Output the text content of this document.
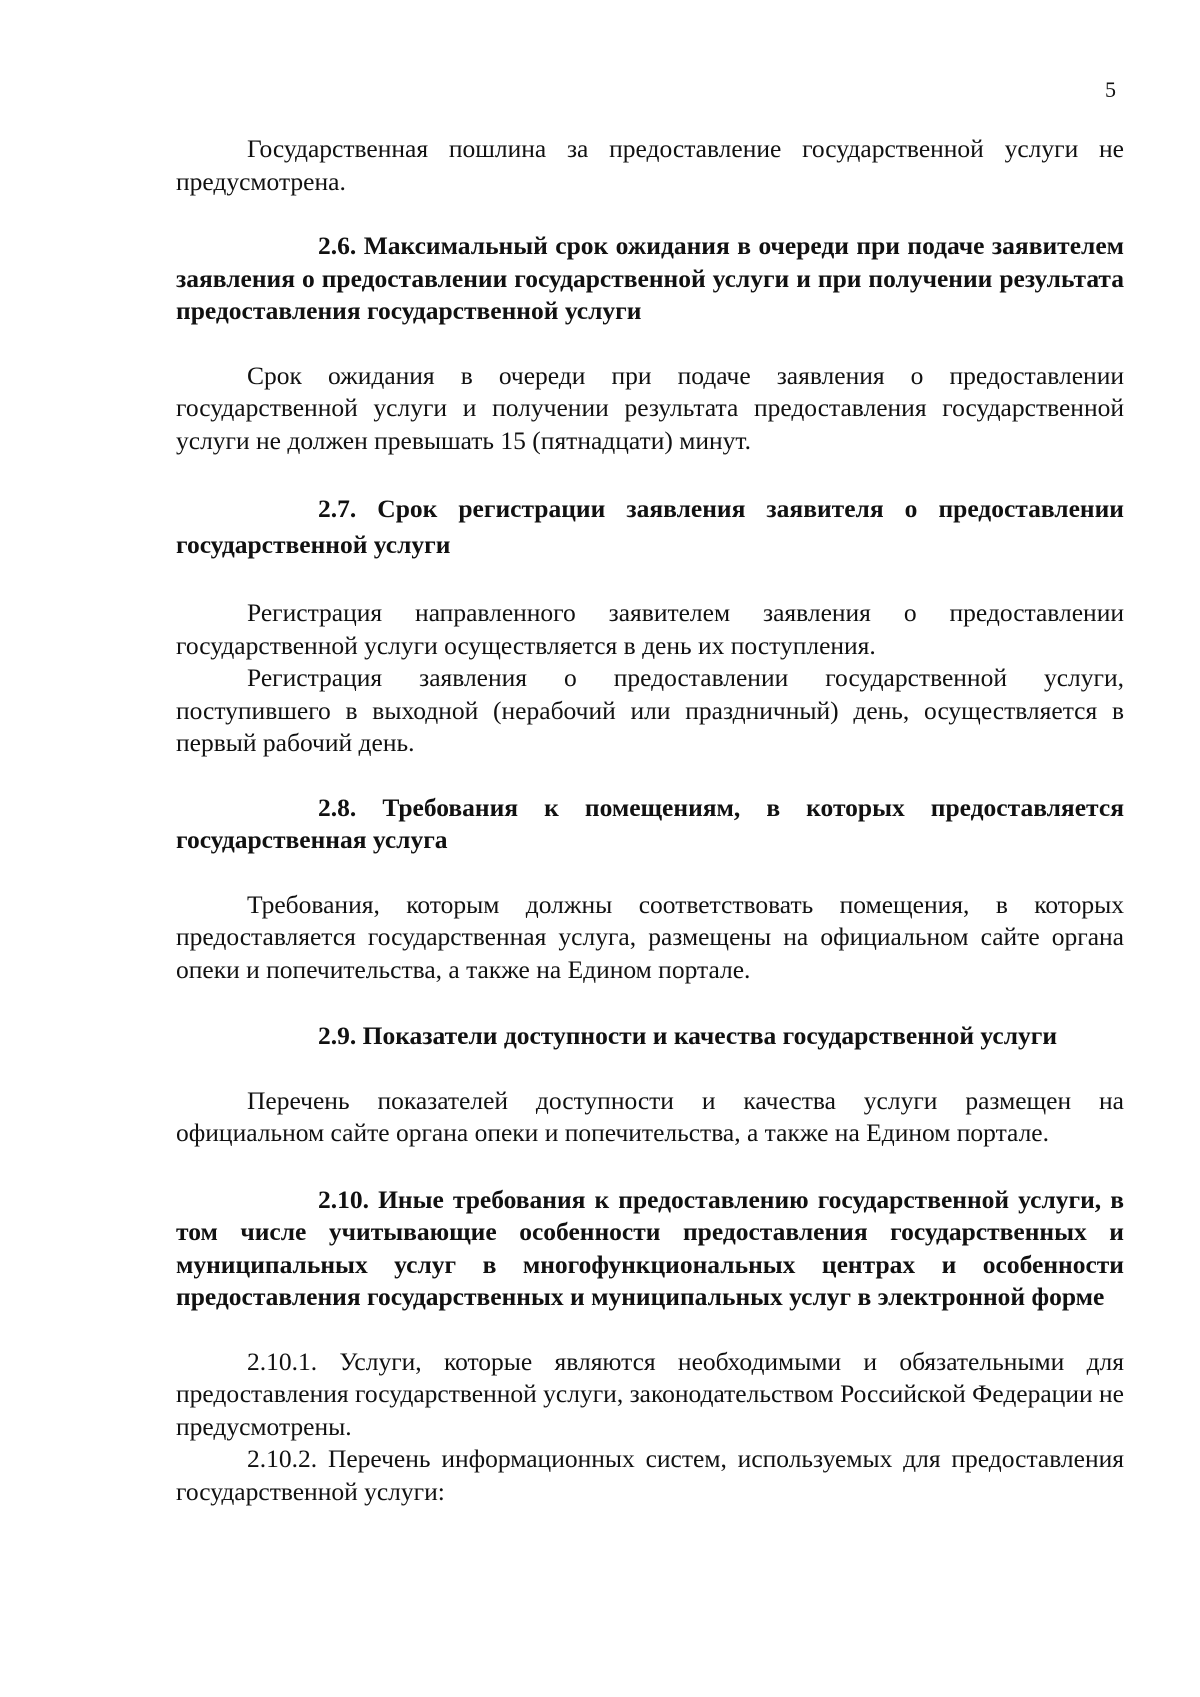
5

Государственная пошлина за предоставление государственной услуги не предусмотрена.

2.6. Максимальный срок ожидания в очереди при подаче заявителем заявления о предоставлении государственной услуги и при получении результата предоставления государственной услуги

Срок ожидания в очереди при подаче заявления о предоставлении государственной услуги и получении результата предоставления государственной услуги не должен превышать 15 (пятнадцати) минут.

2.7. Срок регистрации заявления заявителя о предоставлении государственной услуги

Регистрация направленного заявителем заявления о предоставлении государственной услуги осуществляется в день их поступления.

Регистрация заявления о предоставлении государственной услуги, поступившего в выходной (нерабочий или праздничный) день, осуществляется в первый рабочий день.

2.8. Требования к помещениям, в которых предоставляется государственная услуга

Требования, которым должны соответствовать помещения, в которых предоставляется государственная услуга, размещены на официальном сайте органа опеки и попечительства, а также на Едином портале.

2.9. Показатели доступности и качества государственной услуги

Перечень показателей доступности и качества услуги размещен на официальном сайте органа опеки и попечительства, а также на Едином портале.

2.10. Иные требования к предоставлению государственной услуги, в том числе учитывающие особенности предоставления государственных и муниципальных услуг в многофункциональных центрах и особенности предоставления государственных и муниципальных услуг в электронной форме

2.10.1. Услуги, которые являются необходимыми и обязательными для предоставления государственной услуги, законодательством Российской Федерации не предусмотрены.

2.10.2. Перечень информационных систем, используемых для предоставления государственной услуги:
